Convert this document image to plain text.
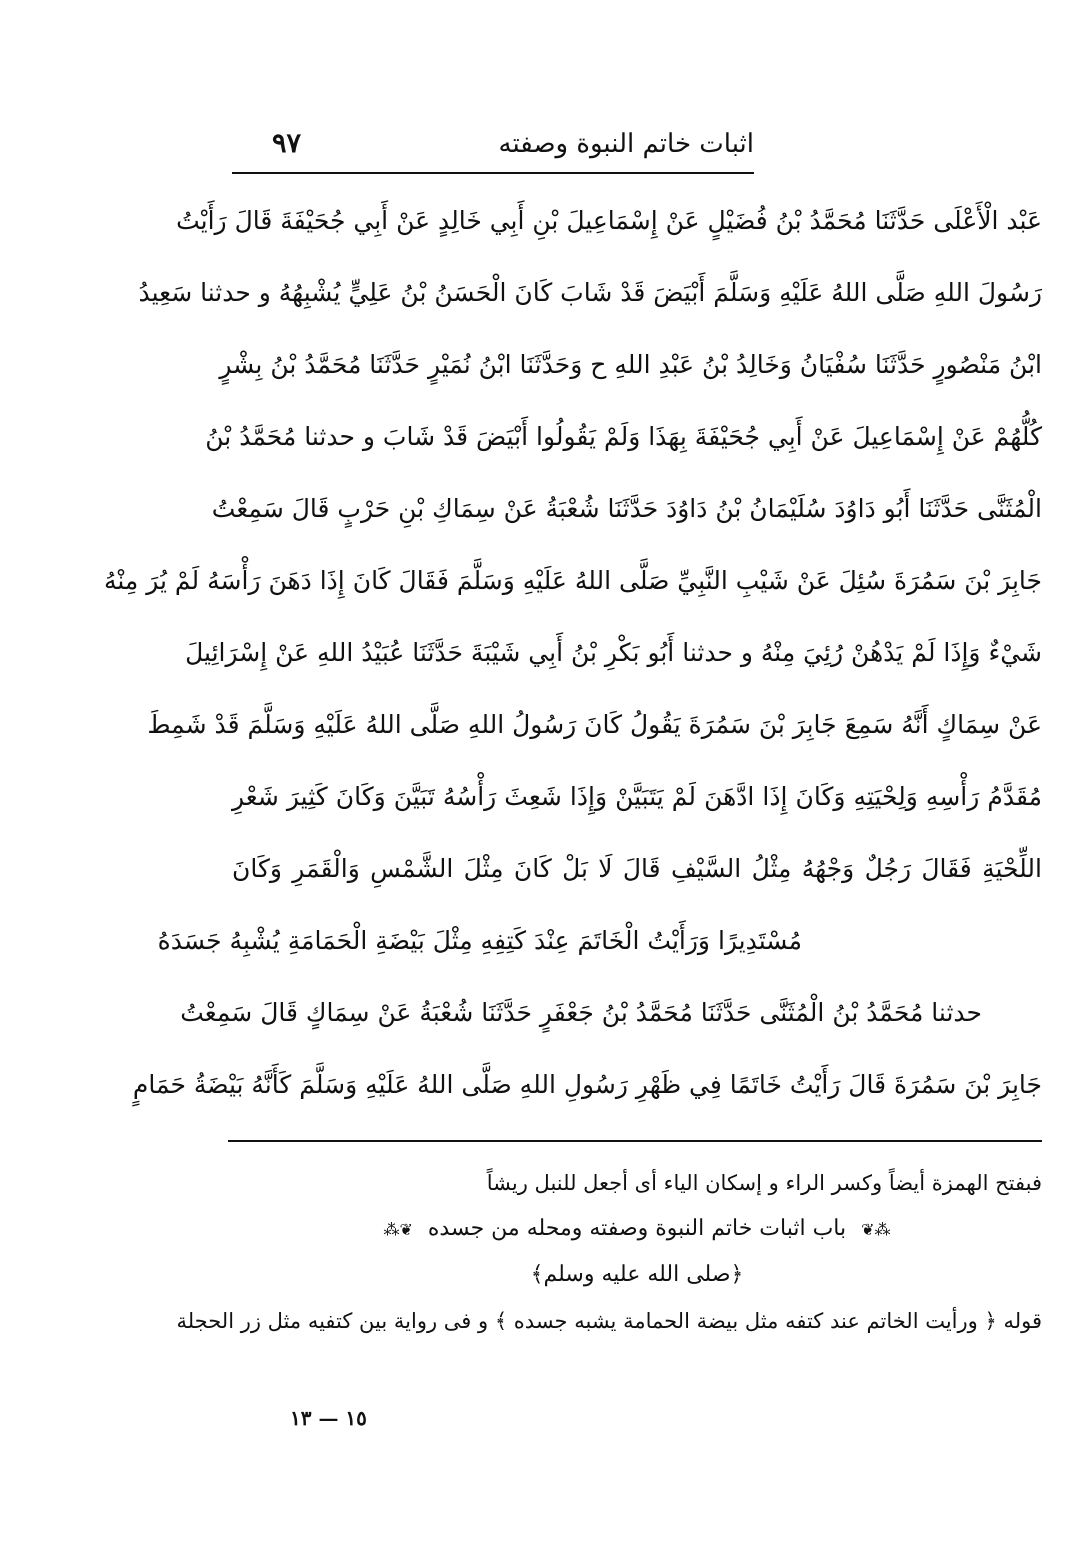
اثبات خاتم النبوة وصفته
٩٧
عَبْد الْأَعْلَى حَدَّثَنَا مُحَمَّدُ بْنُ فُضَيْلٍ عَنْ إِسْمَاعِيلَ بْنِ أَبِي خَالِدٍ عَنْ أَبِي جُحَيْفَةَ قَالَ رَأَيْتُ
رَسُولَ اللهِ صَلَّى اللهُ عَلَيْهِ وَسَلَّمَ أَبْيَضَ قَدْ شَابَ كَانَ الْحَسَنُ بْنُ عَلِيٍّ يُشْبِهُهُ و حدثنا سَعِيدُ
ابْنُ مَنْصُورٍ حَدَّثَنَا سُفْيَانُ وَخَالِدُ بْنُ عَبْدِ اللهِ ح وَحَدَّثَنَا ابْنُ نُمَيْرٍ حَدَّثَنَا مُحَمَّدُ بْنُ بِشْرٍ
كُلُّهُمْ عَنْ إِسْمَاعِيلَ عَنْ أَبِي جُحَيْفَةَ بِهَذَا وَلَمْ يَقُولُوا أَبْيَضَ قَدْ شَابَ و حدثنا مُحَمَّدُ بْنُ
الْمُثَنَّى حَدَّثَنَا أَبُو دَاوُدَ سُلَيْمَانُ بْنُ دَاوُدَ حَدَّثَنَا شُعْبَةُ عَنْ سِمَاكِ بْنِ حَرْبٍ قَالَ سَمِعْتُ
جَابِرَ بْنَ سَمُرَةَ سُئِلَ عَنْ شَيْبِ النَّبِيِّ صَلَّى اللهُ عَلَيْهِ وَسَلَّمَ فَقَالَ كَانَ إِذَا دَهَنَ رَأْسَهُ لَمْ يُرَ مِنْهُ
شَيْءٌ وَإِذَا لَمْ يَدْهُنْ رُئِيَ مِنْهُ و حدثنا أَبُو بَكْرِ بْنُ أَبِي شَيْبَةَ حَدَّثَنَا عُبَيْدُ اللهِ عَنْ إِسْرَائِيلَ
عَنْ سِمَاكٍ أَنَّهُ سَمِعَ جَابِرَ بْنَ سَمُرَةَ يَقُولُ كَانَ رَسُولُ اللهِ صَلَّى اللهُ عَلَيْهِ وَسَلَّمَ قَدْ شَمِطَ
مُقَدَّمُ رَأْسِهِ وَلِحْيَتِهِ وَكَانَ إِذَا ادَّهَنَ لَمْ يَتَبَيَّنْ وَإِذَا شَعِثَ رَأْسُهُ تَبَيَّنَ وَكَانَ كَثِيرَ شَعْرِ
اللِّحْيَةِ فَقَالَ رَجُلٌ وَجْهُهُ مِثْلُ السَّيْفِ قَالَ لَا بَلْ كَانَ مِثْلَ الشَّمْسِ وَالْقَمَرِ وَكَانَ
مُسْتَدِيرًا وَرَأَيْتُ الْخَاتَمَ عِنْدَ كَتِفِهِ مِثْلَ بَيْضَةِ الْحَمَامَةِ يُشْبِهُ جَسَدَهُ
حدثنا مُحَمَّدُ بْنُ الْمُثَنَّى حَدَّثَنَا مُحَمَّدُ بْنُ جَعْفَرٍ حَدَّثَنَا شُعْبَةُ عَنْ سِمَاكٍ قَالَ سَمِعْتُ
جَابِرَ بْنَ سَمُرَةَ قَالَ رَأَيْتُ خَاتَمًا فِي ظَهْرِ رَسُولِ اللهِ صَلَّى اللهُ عَلَيْهِ وَسَلَّمَ كَأَنَّهُ بَيْضَةُ حَمَامٍ
فبفتح الهمزة أيضاً وكسر الراء و إسكان الياء أى أجعل للنبل ريشاً
⁂❦ باب اثبات خاتم النبوة وصفته ومحله من جسده ❦⁂
﴿صلى الله عليه وسلم﴾
قوله ﴿ ورأيت الخاتم عند كتفه مثل بيضة الحمامة يشبه جسده ﴾ و فى رواية بين كتفيه مثل زر الحجلة
١٥ — ١٣
